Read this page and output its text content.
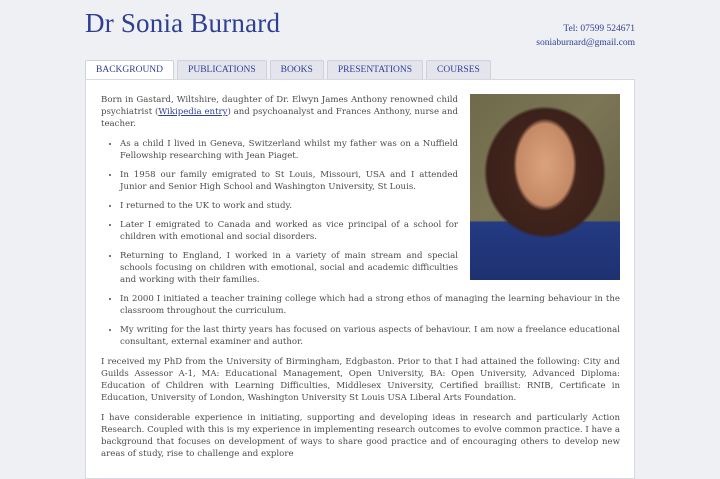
Dr Sonia Burnard	Tel: 07599 524671
soniaburnard@gmail.com
BACKGROUND	PUBLICATIONS	BOOKS	PRESENTATIONS	COURSES

Born in Gastard, Wiltshire, daughter of Dr. Elwyn James Anthony renowned child psychiatrist (Wikipedia entry) and psychoanalyst and Frances Anthony, nurse and teacher.

• As a child I lived in Geneva, Switzerland whilst my father was on a Nuffield Fellowship researching with Jean Piaget.
• In 1958 our family emigrated to St Louis, Missouri, USA and I attended Junior and Senior High School and Washington University, St Louis.
• I returned to the UK to work and study.
• Later I emigrated to Canada and worked as vice principal of a school for children with emotional and social disorders.
• Returning to England, I worked in a variety of main stream and special schools focusing on children with emotional, social and academic difficulties and working with their families.
• In 2000 I initiated a teacher training college which had a strong ethos of managing the learning behaviour in the classroom throughout the curriculum.
• My writing for the last thirty years has focused on various aspects of behaviour. I am now a freelance educational consultant, external examiner and author.

I received my PhD from the University of Birmingham, Edgbaston. Prior to that I had attained the following: City and Guilds Assessor A-1, MA: Educational Management, Open University, BA: Open University, Advanced Diploma: Education of Children with Learning Difficulties, Middlesex University, Certified braillist: RNIB, Certificate in Education, University of London, Washington University St Louis USA Liberal Arts Foundation.

I have considerable experience in initiating, supporting and developing ideas in research and particularly Action Research. Coupled with this is my experience in implementing research outcomes to evolve common practice. I have a background that focuses on development of ways to share good practice and of encouraging others to develop new areas of study, rise to challenge and explore
